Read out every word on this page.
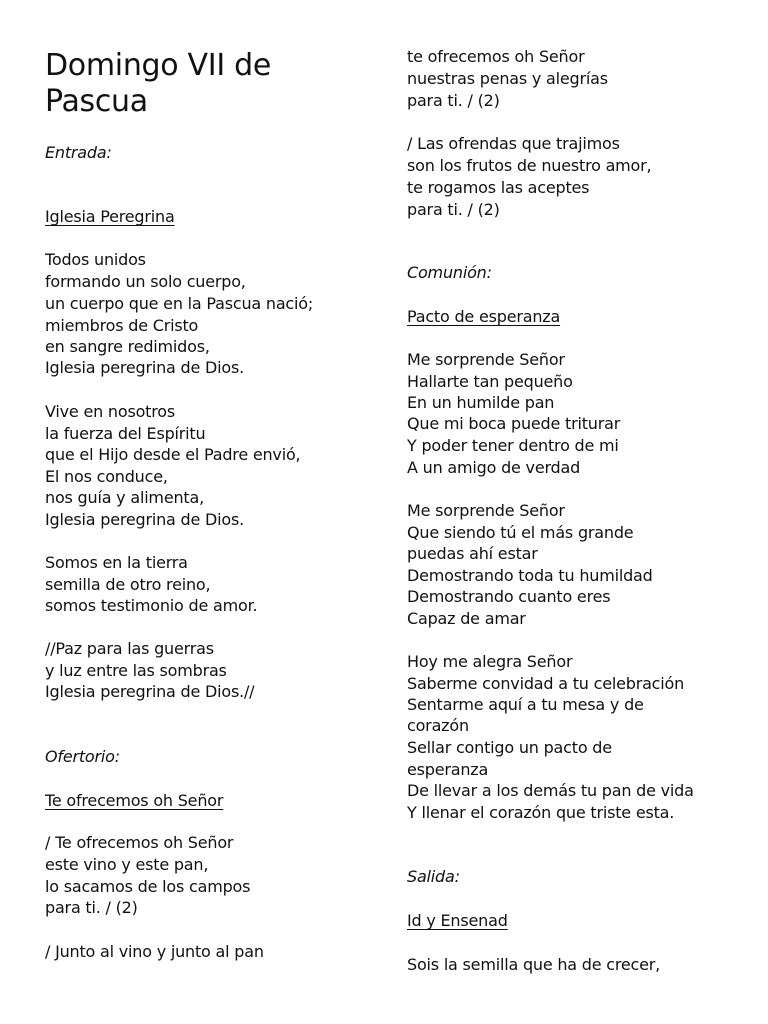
Domingo VII de
Pascua
Entrada:
Iglesia Peregrina
Todos unidos
formando un solo cuerpo,
un cuerpo que en la Pascua nació;
miembros de Cristo
en sangre redimidos,
Iglesia peregrina de Dios.
Vive en nosotros
la fuerza del Espíritu
que el Hijo desde el Padre envió,
El nos conduce,
nos guía y alimenta,
Iglesia peregrina de Dios.
Somos en la tierra
semilla de otro reino,
somos testimonio de amor.
//Paz para las guerras
y luz entre las sombras
Iglesia peregrina de Dios.//
Ofertorio:
Te ofrecemos oh Señor
/ Te ofrecemos oh Señor
este vino y este pan,
lo sacamos de los campos
para ti. / (2)
/ Junto al vino y junto al pan
te ofrecemos oh Señor
nuestras penas y alegrías
para ti. / (2)
/ Las ofrendas que trajimos
son los frutos de nuestro amor,
te rogamos las aceptes
para ti. / (2)
Comunión:
Pacto de esperanza
Me sorprende Señor
Hallarte tan pequeño
En un humilde pan
Que mi boca puede triturar
Y poder tener dentro de mi
A un amigo de verdad
Me sorprende Señor
Que siendo tú el más grande
puedas ahí estar
Demostrando toda tu humildad
Demostrando cuanto eres
Capaz de amar
Hoy me alegra Señor
Saberme convidad a tu celebración
Sentarme aquí a tu mesa y de
corazón
Sellar contigo un pacto de
esperanza
De llevar a los demás tu pan de vida
Y llenar el corazón que triste esta.
Salida:
Id y Ensenad
Sois la semilla que ha de crecer,
